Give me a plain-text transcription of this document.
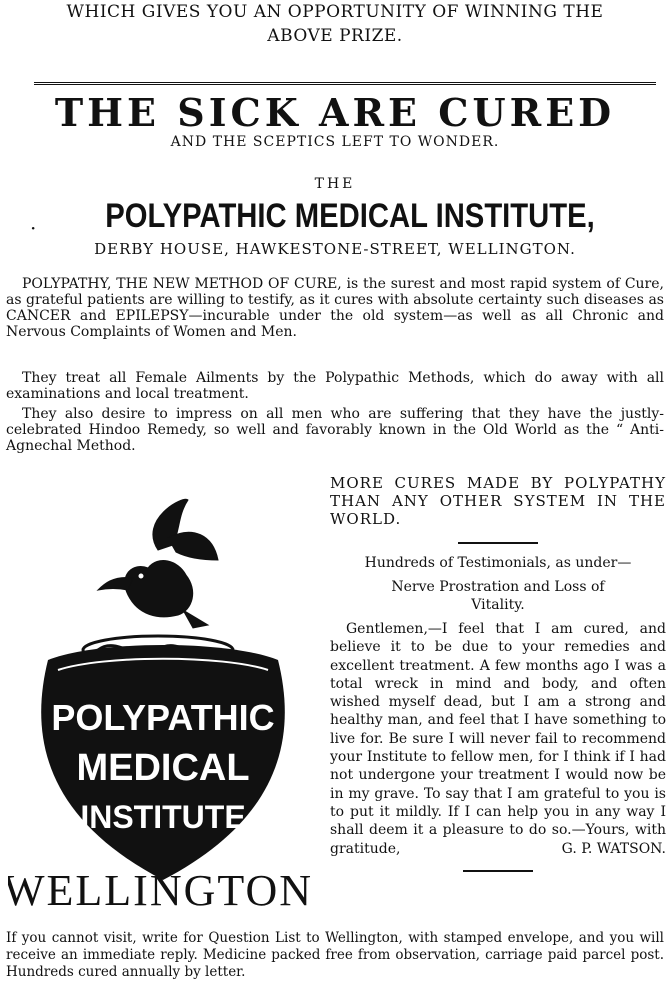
WHICH GIVES YOU AN OPPORTUNITY OF WINNING THE
ABOVE PRIZE.
THE SICK ARE CURED
AND THE SCEPTICS LEFT TO WONDER.
THE
·	POLYPATHIC MEDICAL INSTITUTE,
DERBY HOUSE, HAWKESTONE-STREET, WELLINGTON.
POLYPATHY, THE NEW METHOD OF CURE, is the surest and most rapid system of Cure, as grateful patients are willing to testify, as it cures with absolute certainty such diseases as CANCER and EPILEPSY—incurable under the old system—as well as all Chronic and Nervous Complaints of Women and Men.
They treat all Female Ailments by the Polypathic Methods, which do away with all examinations and local treatment.
They also desire to impress on all men who are suffering that they have the justly-celebrated Hindoo Remedy, so well and favorably known in the Old World as the “ Anti-Agnechal Method.
POLYPATHIC
MEDICAL
INSTITUTE
WELLINGTON
MORE CURES MADE BY POLYPATHY THAN ANY OTHER SYSTEM IN THE WORLD.
Hundreds of Testimonials, as under—
Nerve Prostration and Loss of
Vitality.
Gentlemen,—I feel that I am cured, and believe it to be due to your remedies and excellent treatment. A few months ago I was a total wreck in mind and body, and often wished myself dead, but I am a strong and healthy man, and feel that I have something to live for. Be sure I will never fail to recommend your Institute to fellow men, for I think if I had not undergone your treatment I would now be in my grave. To say that I am grateful to you is to put it mildly. If I can help you in any way I shall deem it a pleasure to do so.—Yours, with gratitude,	G. P. WATSON.
If you cannot visit, write for Question List to Wellington, with stamped envelope, and you will receive an immediate reply. Medicine packed free from observation, carriage paid parcel post. Hundreds cured annually by letter.
